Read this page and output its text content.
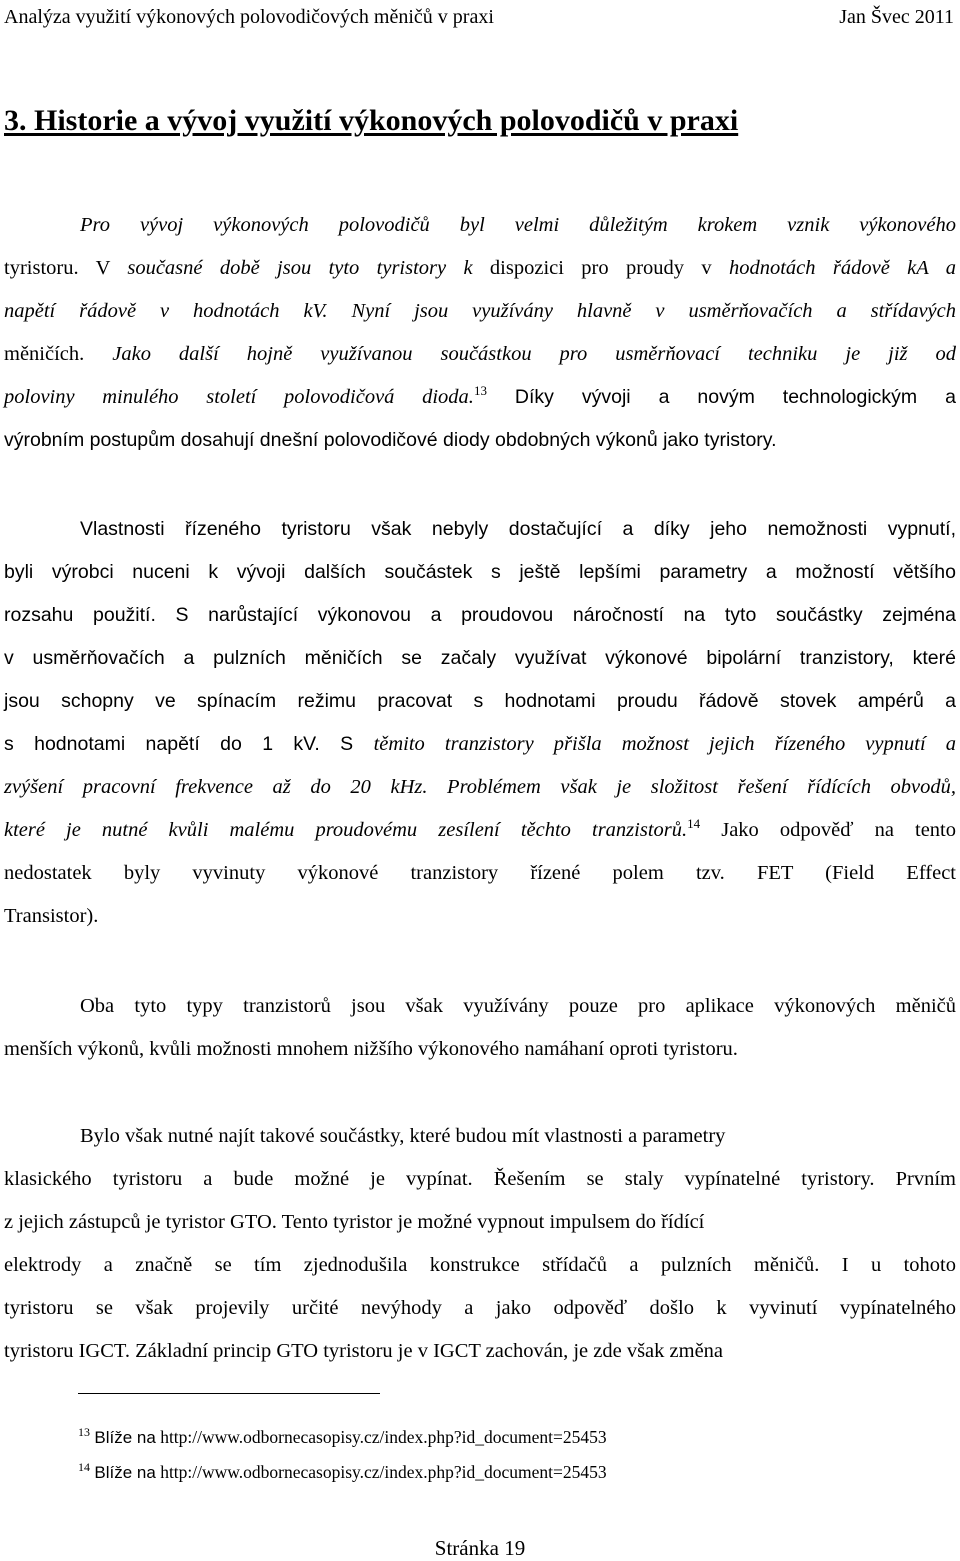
Analýza využití výkonových polovodičových měničů v praxi	Jan Švec 2011
3. Historie a vývoj využití výkonových polovodičů v praxi
Pro vývoj výkonových polovodičů byl velmi důležitým krokem vznik výkonového
tyristoru. V současné době jsou tyto tyristory k dispozici pro proudy v hodnotách řádově kA a
napětí řádově v hodnotách kV. Nyní jsou využívány hlavně v usměrňovačích a střídavých
měničích. Jako další hojně využívanou součástkou pro usměrňovací techniku je již od
poloviny minulého století polovodičová dioda.$^{13}$ Díky vývoji a novým technologickým a
výrobním postupům dosahují dnešní polovodičové diody obdobných výkonů jako tyristory.
Vlastnosti řízeného tyristoru však nebyly dostačující a díky jeho nemožnosti vypnutí,
byli výrobci nuceni k vývoji dalších součástek s ještě lepšími parametry a možností většího
rozsahu použití. S narůstající výkonovou a proudovou náročností na tyto součástky zejména
v usměrňovačích a pulzních měničích se začaly využívat výkonové bipolární tranzistory, které
jsou schopny ve spínacím režimu pracovat s hodnotami proudu řádově stovek ampérů a
s hodnotami napětí do 1 kV. S těmito tranzistory přišla možnost jejich řízeného vypnutí a
zvýšení pracovní frekvence až do 20 kHz. Problémem však je složitost řešení řídících obvodů,
které je nutné kvůli malému proudovému zesílení těchto tranzistorů.$^{14}$ Jako odpověď na tento
nedostatek byly vyvinuty výkonové tranzistory řízené polem tzv. FET (Field Effect
Transistor).
Oba tyto typy tranzistorů jsou však využívány pouze pro aplikace výkonových měničů
menších výkonů, kvůli možnosti mnohem nižšího výkonového namáhaní oproti tyristoru.
Bylo však nutné najít takové součástky, které budou mít vlastnosti a parametry
klasického tyristoru a bude možné je vypínat. Řešením se staly vypínatelné tyristory. Prvním
z jejich zástupců je tyristor GTO. Tento tyristor je možné vypnout impulsem do řídící
elektrody a značně se tím zjednodušila konstrukce střídačů a pulzních měničů. I u tohoto
tyristoru se však projevily určité nevýhody a jako odpověď došlo k vyvinutí vypínatelného
tyristoru IGCT. Základní princip GTO tyristoru je v IGCT zachován, je zde však změna
$^{13}$ Blíže na http://www.odbornecasopisy.cz/index.php?id_document=25453
$^{14}$ Blíže na http://www.odbornecasopisy.cz/index.php?id_document=25453
Stránka 19
